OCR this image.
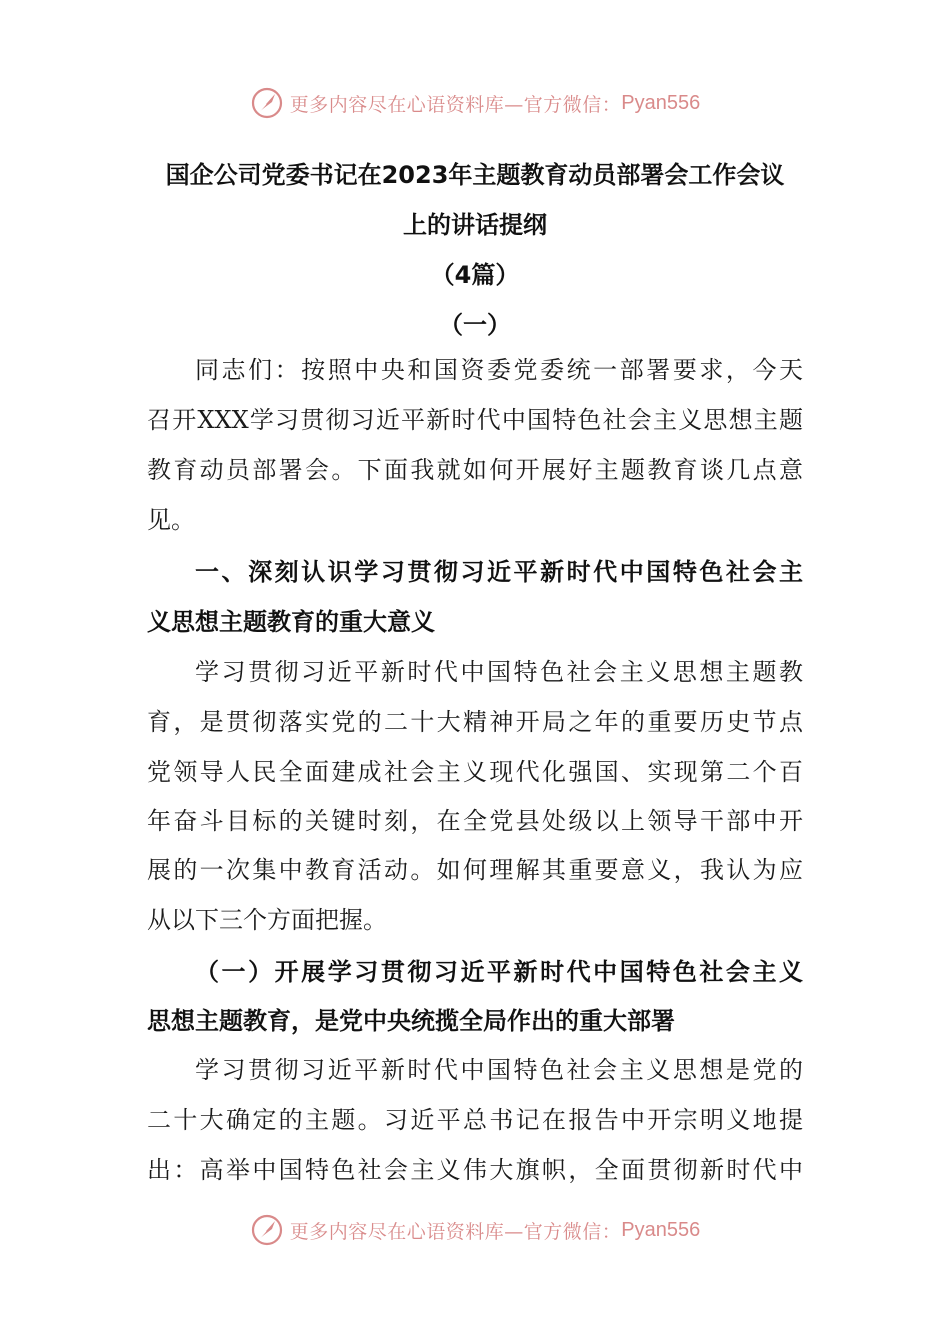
更多内容尽在心语资料库—官方微信： Pyan556
国企公司党委书记在2023年主题教育动员部署会工作会议
上的讲话提纲
（4篇）
（一）
同志们：按照中央和国资委党委统一部署要求，今天
召开XXX学习贯彻习近平新时代中国特色社会主义思想主题
教育动员部署会。下面我就如何开展好主题教育谈几点意
见。
一、深刻认识学习贯彻习近平新时代中国特色社会主
义思想主题教育的重大意义
学习贯彻习近平新时代中国特色社会主义思想主题教
育，是贯彻落实党的二十大精神开局之年的重要历史节点
党领导人民全面建成社会主义现代化强国、实现第二个百
年奋斗目标的关键时刻，在全党县处级以上领导干部中开
展的一次集中教育活动。如何理解其重要意义，我认为应
从以下三个方面把握。
（一）开展学习贯彻习近平新时代中国特色社会主义
思想主题教育，是党中央统揽全局作出的重大部署
学习贯彻习近平新时代中国特色社会主义思想是党的
二十大确定的主题。习近平总书记在报告中开宗明义地提
出：高举中国特色社会主义伟大旗帜，全面贯彻新时代中
更多内容尽在心语资料库—官方微信： Pyan556
